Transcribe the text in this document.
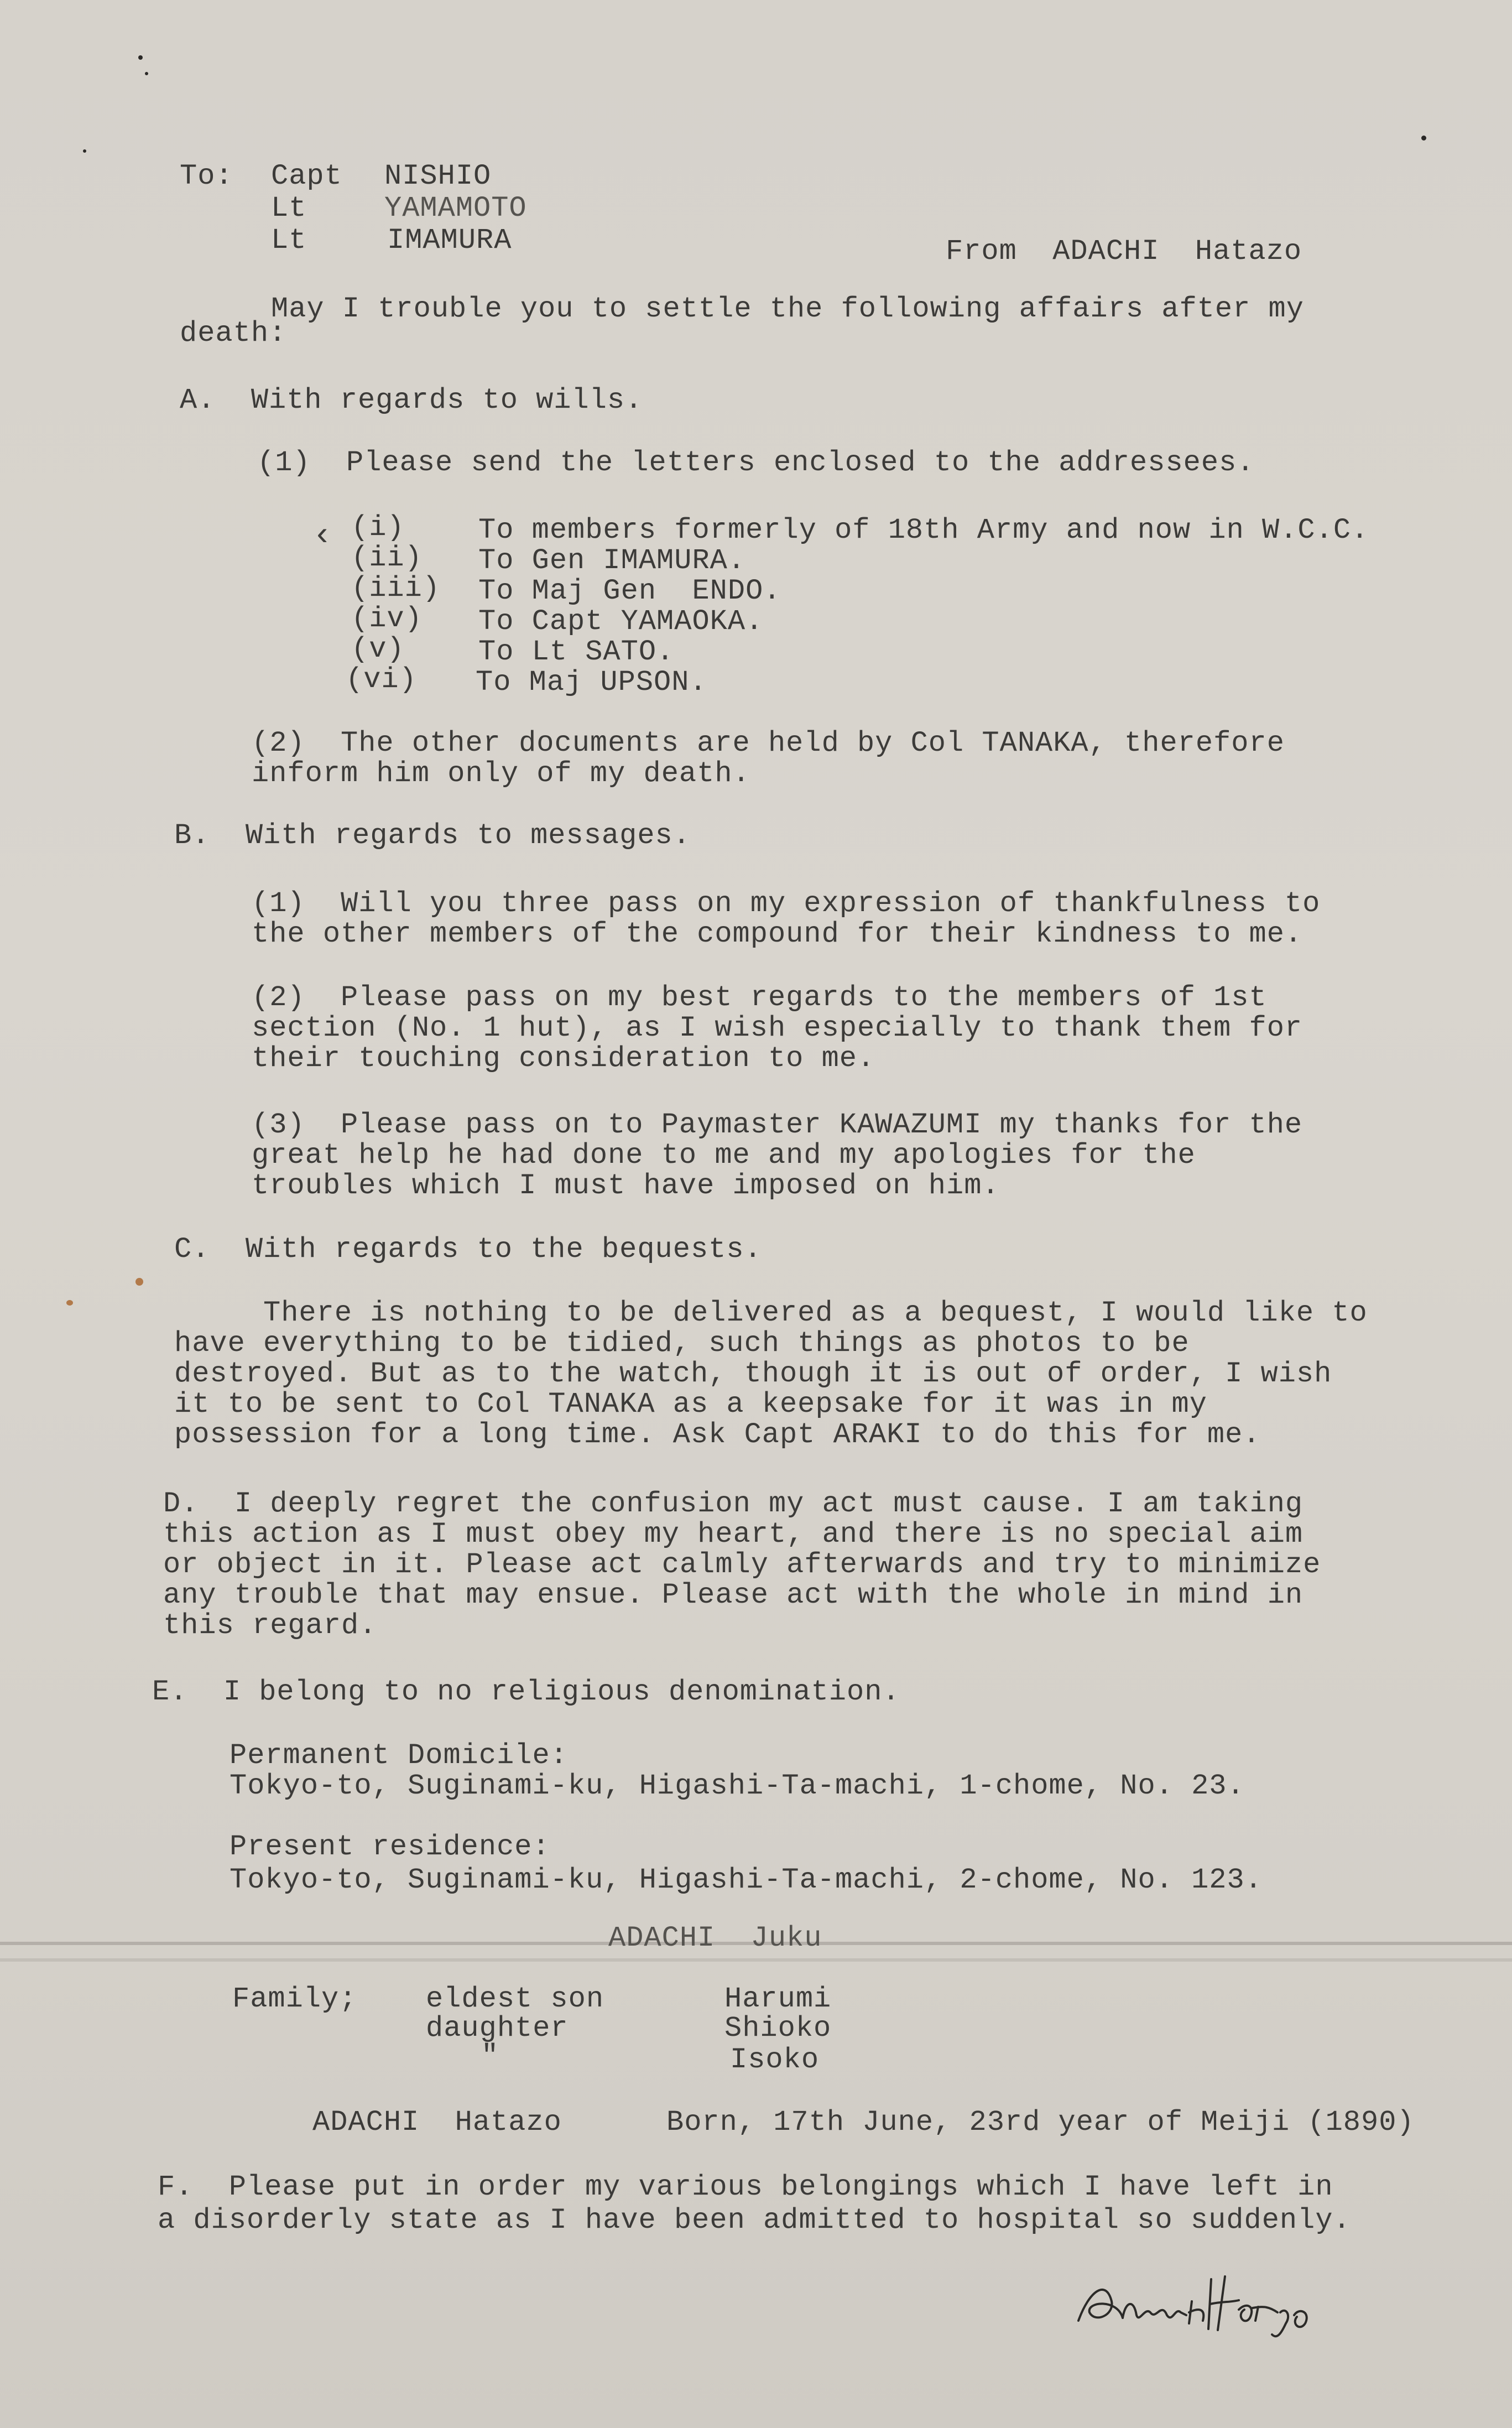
To: Capt NISHIO
Lt	YAMAMOTO
Lt	IMAMURA	From  ADACHI  Hatazo
May I trouble you to settle the following affairs after my
death:
A.  With regards to wills.
(1)  Please send the letters enclosed to the addressees.
‹ (i)	To members formerly of 18th Army and now in W.C.C.
(ii) To Gen IMAMURA.
(iii) To Maj Gen  ENDO.
(iv) To Capt YAMAOKA.
(v)	To Lt SATO.
(vi) To Maj UPSON.
(2)  The other documents are held by Col TANAKA, therefore
inform him only of my death.
B.  With regards to messages.
(1)  Will you three pass on my expression of thankfulness to
the other members of the compound for their kindness to me.
(2)  Please pass on my best regards to the members of 1st
section (No. 1 hut), as I wish especially to thank them for
their touching consideration to me.
(3)  Please pass on to Paymaster KAWAZUMI my thanks for the
great help he had done to me and my apologies for the
troubles which I must have imposed on him.
C.  With regards to the bequests.
There is nothing to be delivered as a bequest, I would like to
have everything to be tidied, such things as photos to be
destroyed. But as to the watch, though it is out of order, I wish
it to be sent to Col TANAKA as a keepsake for it was in my
possession for a long time. Ask Capt ARAKI to do this for me.
D.  I deeply regret the confusion my act must cause. I am taking
this action as I must obey my heart, and there is no special aim
or object in it. Please act calmly afterwards and try to minimize
any trouble that may ensue. Please act with the whole in mind in
this regard.
E.  I belong to no religious denomination.
Permanent Domicile:
Tokyo-to, Suginami-ku, Higashi-Ta-machi, 1-chome, No. 23.
Present residence:
Tokyo-to, Suginami-ku, Higashi-Ta-machi, 2-chome, No. 123.
ADACHI  Juku
Family; eldest son	Harumi
daughter	Shioko
"	Isoko
ADACHI  Hatazo	Born, 17th June, 23rd year of Meiji (1890)
F.  Please put in order my various belongings which I have left in
a disorderly state as I have been admitted to hospital so suddenly.
